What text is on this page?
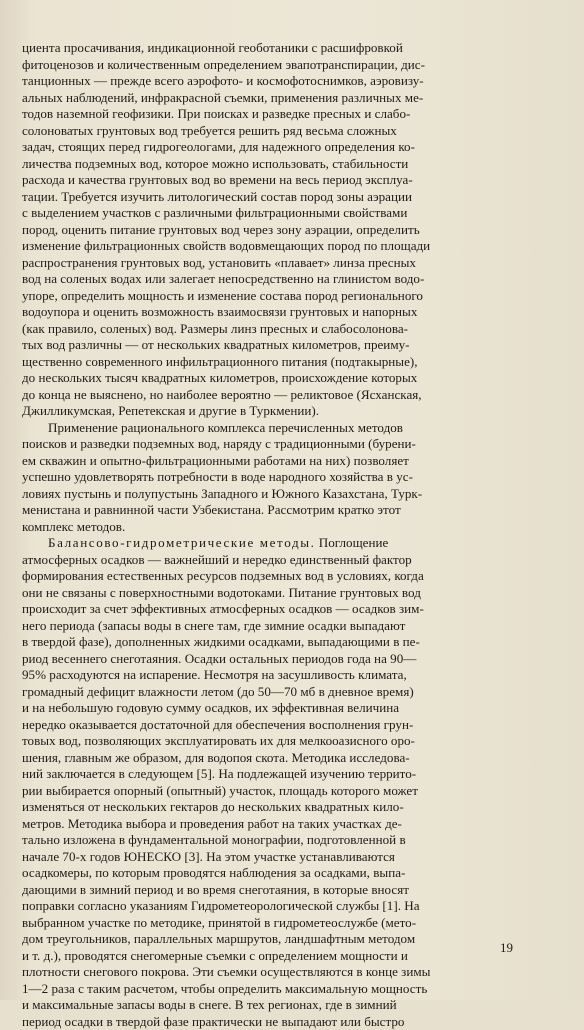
циента просачивания, индикационной геоботаники с расшифровкой
фитоценозов и количественным определением эвапотранспирации, дис-
танционных — прежде всего аэрофото- и космофотоснимков, аэровизу-
альных наблюдений, инфракрасной съемки, применения различных ме-
тодов наземной геофизики. При поисках и разведке пресных и слабо-
солоноватых грунтовых вод требуется решить ряд весьма сложных
задач, стоящих перед гидрогеологами, для надежного определения ко-
личества подземных вод, которое можно использовать, стабильности
расхода и качества грунтовых вод во времени на весь период эксплуа-
тации. Требуется изучить литологический состав пород зоны аэрации
с выделением участков с различными фильтрационными свойствами
пород, оценить питание грунтовых вод через зону аэрации, определить
изменение фильтрационных свойств водовмещающих пород по площади
распространения грунтовых вод, установить «плавает» линза пресных
вод на соленых водах или залегает непосредственно на глинистом водо-
упоре, определить мощность и изменение состава пород регионального
водоупора и оценить возможность взаимосвязи грунтовых и напорных
(как правило, соленых) вод. Размеры линз пресных и слабосолонова-
тых вод различны — от нескольких квадратных километров, преиму-
щественно современного инфильтрационного питания (подтакырные),
до нескольких тысяч квадратных километров, происхождение которых
до конца не выяснено, но наиболее вероятно — реликтовое (Ясханская,
Джилликумская, Репетекская и другие в Туркмении).
Применение рационального комплекса перечисленных методов
поисков и разведки подземных вод, наряду с традиционными (бурени-
ем скважин и опытно-фильтрационными работами на них) позволяет
успешно удовлетворять потребности в воде народного хозяйства в ус-
ловиях пустынь и полупустынь Западного и Южного Казахстана, Турк-
менистана и равнинной части Узбекистана. Рассмотрим кратко этот
комплекс методов.
Балансово-гидрометрические методы. Поглощение
атмосферных осадков — важнейший и нередко единственный фактор
формирования естественных ресурсов подземных вод в условиях, когда
они не связаны с поверхностными водотоками. Питание грунтовых вод
происходит за счет эффективных атмосферных осадков — осадков зим-
него периода (запасы воды в снеге там, где зимние осадки выпадают
в твердой фазе), дополненных жидкими осадками, выпадающими в пе-
риод весеннего снеготаяния. Осадки остальных периодов года на 90—
95% расходуются на испарение. Несмотря на засушливость климата,
громадный дефицит влажности летом (до 50—70 мб в дневное время)
и на небольшую годовую сумму осадков, их эффективная величина
нередко оказывается достаточной для обеспечения восполнения грун-
товых вод, позволяющих эксплуатировать их для мелкооазисного оро-
шения, главным же образом, для водопоя скота. Методика исследова-
ний заключается в следующем [5]. На подлежащей изучению террито-
рии выбирается опорный (опытный) участок, площадь которого может
изменяться от нескольких гектаров до нескольких квадратных кило-
метров. Методика выбора и проведения работ на таких участках де-
тально изложена в фундаментальной монографии, подготовленной в
начале 70-х годов ЮНЕСКО [3]. На этом участке устанавливаются
осадкомеры, по которым проводятся наблюдения за осадками, выпа-
дающими в зимний период и во время снеготаяния, в которые вносят
поправки согласно указаниям Гидрометеорологической службы [1]. На
выбранном участке по методике, принятой в гидрометеослужбе (мето-
дом треугольников, параллельных маршрутов, ландшафтным методом
и т. д.), проводятся снегомерные съемки с определением мощности и
плотности снегового покрова. Эти съемки осуществляются в конце зимы
1—2 раза с таким расчетом, чтобы определить максимальную мощность
и максимальные запасы воды в снеге. В тех регионах, где в зимний
период осадки в твердой фазе практически не выпадают или быстро
19
